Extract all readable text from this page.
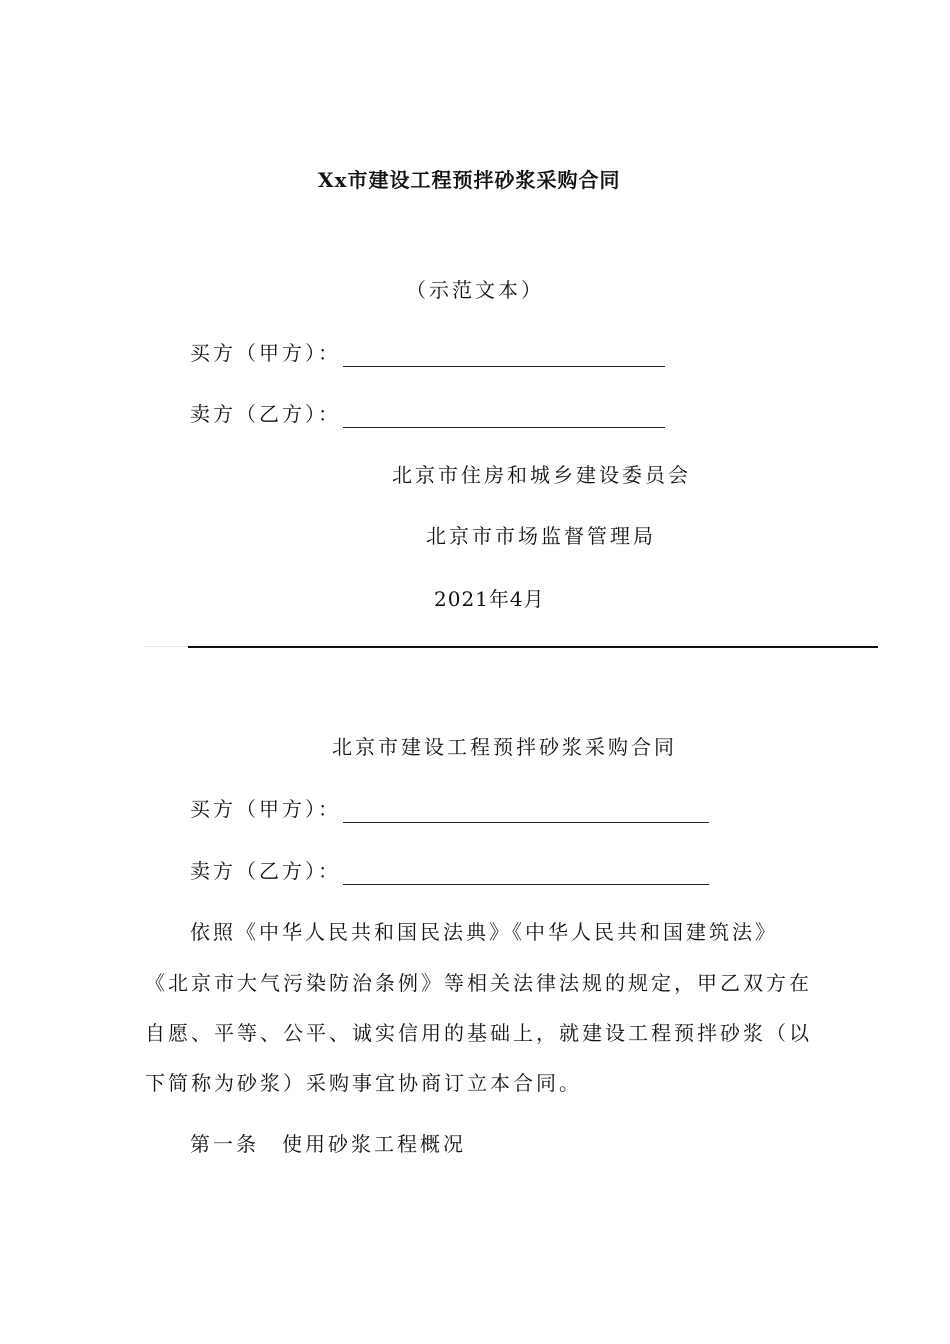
Xx市建设工程预拌砂浆采购合同
（示范文本）
买方（甲方）：
卖方（乙方）：
北京市住房和城乡建设委员会
北京市市场监督管理局
2021年4月
北京市建设工程预拌砂浆采购合同
买方（甲方）：
卖方（乙方）：
依照《中华人民共和国民法典》《中华人民共和国建筑法》
《北京市大气污染防治条例》等相关法律法规的规定，甲乙双方在
自愿、平等、公平、诚实信用的基础上，就建设工程预拌砂浆（以
下简称为砂浆）采购事宜协商订立本合同。
第一条　使用砂浆工程概况
